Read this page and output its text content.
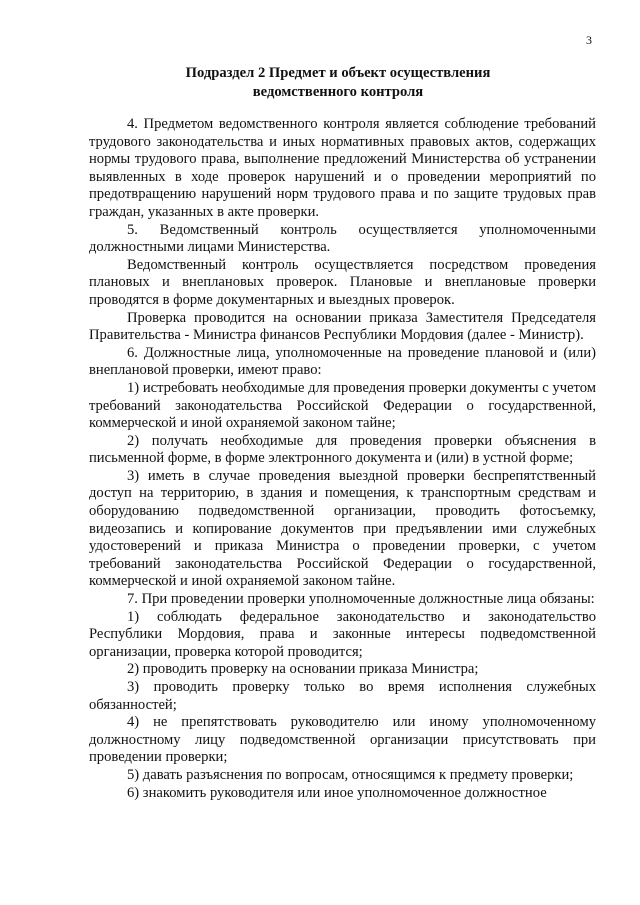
3

Подраздел 2 Предмет и объект осуществления
ведомственного контроля

4. Предметом ведомственного контроля является соблюдение требований трудового законодательства и иных нормативных правовых актов, содержащих нормы трудового права, выполнение предложений Министерства об устранении выявленных в ходе проверок нарушений и о проведении мероприятий по предотвращению нарушений норм трудового права и по защите трудовых прав граждан, указанных в акте проверки.

5. Ведомственный контроль осуществляется уполномоченными должностными лицами Министерства.

Ведомственный контроль осуществляется посредством проведения плановых и внеплановых проверок. Плановые и внеплановые проверки проводятся в форме документарных и выездных проверок.

Проверка проводится на основании приказа Заместителя Председателя Правительства - Министра финансов Республики Мордовия (далее - Министр).

6. Должностные лица, уполномоченные на проведение плановой и (или) внеплановой проверки, имеют право:

1) истребовать необходимые для проведения проверки документы с учетом требований законодательства Российской Федерации о государственной, коммерческой и иной охраняемой законом тайне;

2) получать необходимые для проведения проверки объяснения в письменной форме, в форме электронного документа и (или) в устной форме;

3) иметь в случае проведения выездной проверки беспрепятственный доступ на территорию, в здания и помещения, к транспортным средствам и оборудованию подведомственной организации, проводить фотосъемку, видеозапись и копирование документов при предъявлении ими служебных удостоверений и приказа Министра о проведении проверки, с учетом требований законодательства Российской Федерации о государственной, коммерческой и иной охраняемой законом тайне.

7. При проведении проверки уполномоченные должностные лица обязаны:

1) соблюдать федеральное законодательство и законодательство Республики Мордовия, права и законные интересы подведомственной организации, проверка которой проводится;

2) проводить проверку на основании приказа Министра;

3) проводить проверку только во время исполнения служебных обязанностей;

4) не препятствовать руководителю или иному уполномоченному должностному лицу подведомственной организации присутствовать при проведении проверки;

5) давать разъяснения по вопросам, относящимся к предмету проверки;

6) знакомить руководителя или иное уполномоченное должностное
